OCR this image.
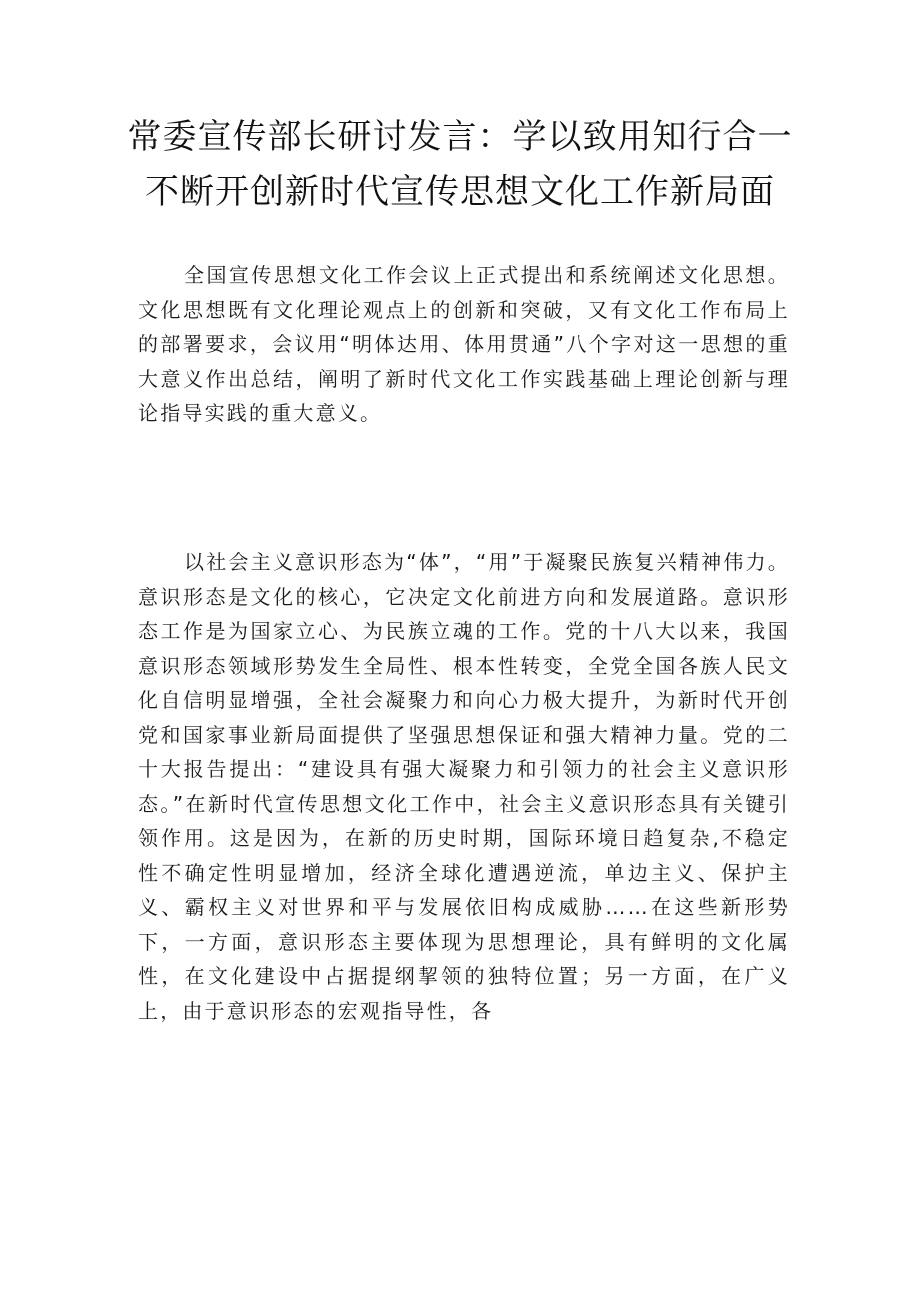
常委宣传部长研讨发言：学以致用知行合一
不断开创新时代宣传思想文化工作新局面

全国宣传思想文化工作会议上正式提出和系统阐述文化思想。文化思想既有文化理论观点上的创新和突破，又有文化工作布局上的部署要求，会议用“明体达用、体用贯通”八个字对这一思想的重大意义作出总结，阐明了新时代文化工作实践基础上理论创新与理论指导实践的重大意义。

以社会主义意识形态为“体”，“用”于凝聚民族复兴精神伟力。意识形态是文化的核心，它决定文化前进方向和发展道路。意识形态工作是为国家立心、为民族立魂的工作。党的十八大以来，我国意识形态领域形势发生全局性、根本性转变，全党全国各族人民文化自信明显增强，全社会凝聚力和向心力极大提升，为新时代开创党和国家事业新局面提供了坚强思想保证和强大精神力量。党的二十大报告提出：“建设具有强大凝聚力和引领力的社会主义意识形态。”在新时代宣传思想文化工作中，社会主义意识形态具有关键引领作用。这是因为，在新的历史时期，国际环境日趋复杂,不稳定性不确定性明显增加，经济全球化遭遇逆流，单边主义、保护主义、霸权主义对世界和平与发展依旧构成威胁……在这些新形势下，一方面，意识形态主要体现为思想理论，具有鲜明的文化属性，在文化建设中占据提纲挈领的独特位置；另一方面，在广义上，由于意识形态的宏观指导性，各
